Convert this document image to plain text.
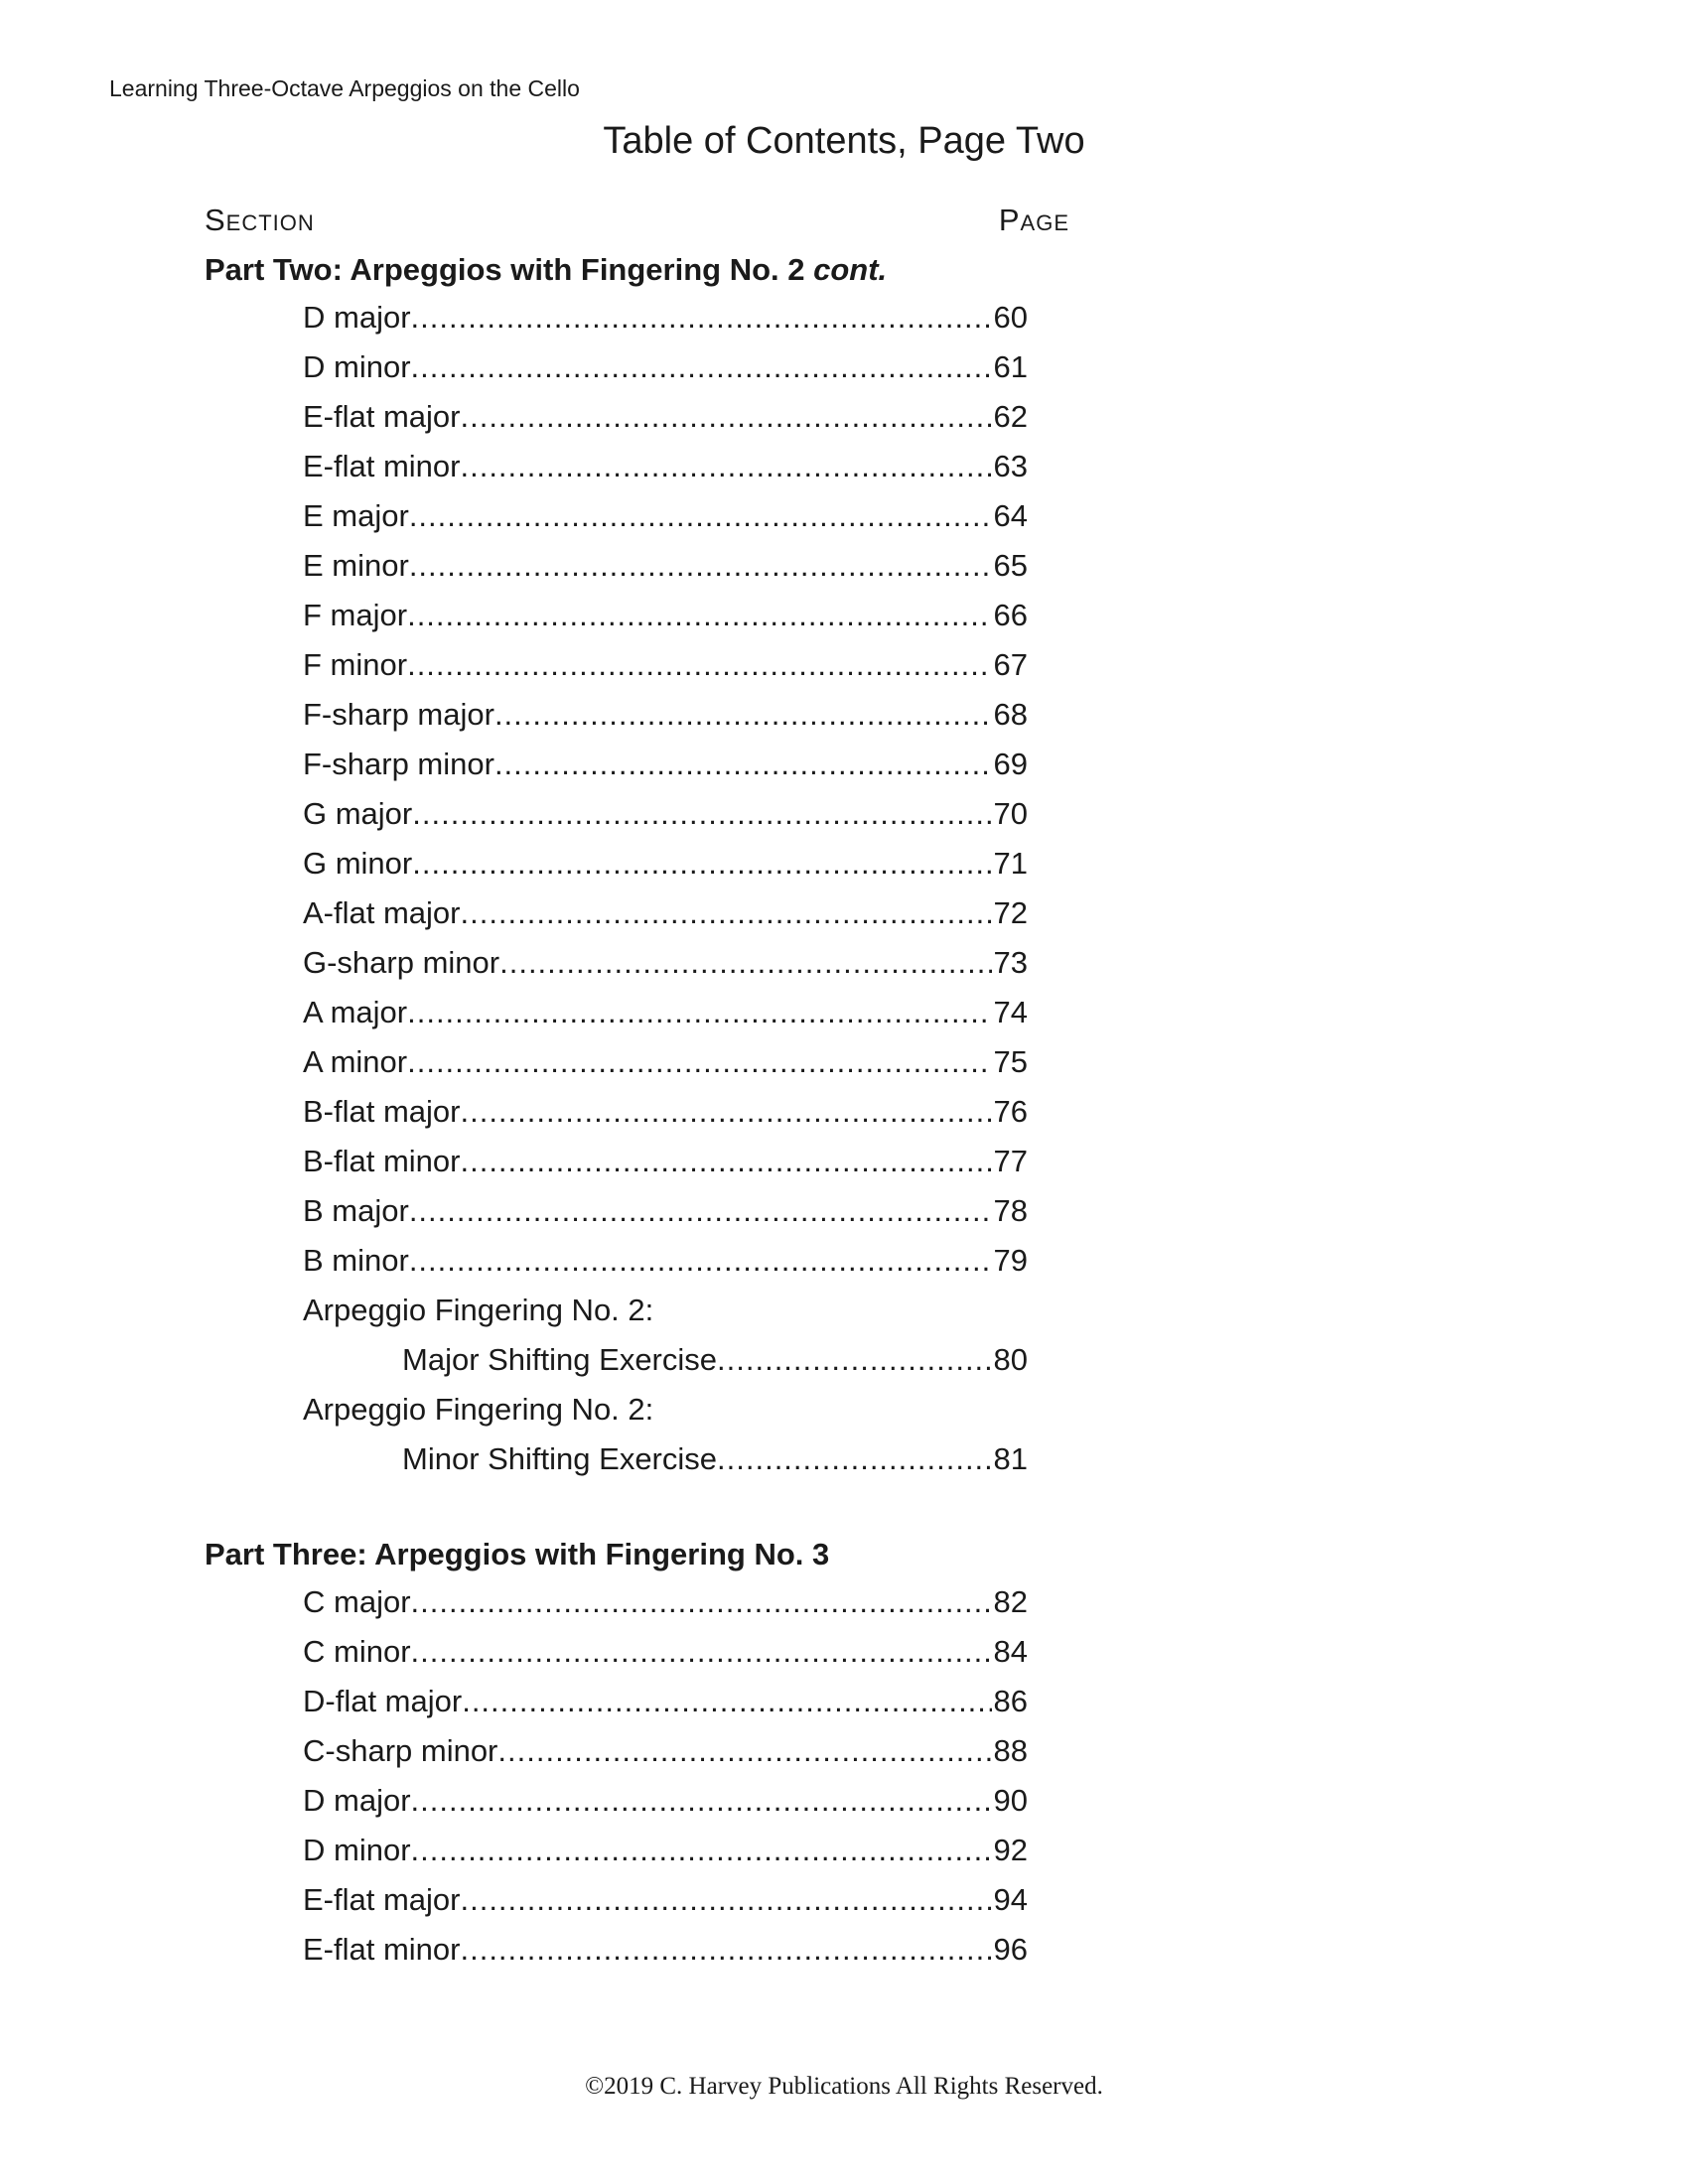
Learning Three-Octave Arpeggios on the Cello
Table of Contents, Page Two
Section	Page
Part Two: Arpeggios with Fingering No. 2 cont.
D major .....	60
D minor .....	61
E-flat major .....	62
E-flat minor .....	63
E major .....	64
E minor .....	65
F major .....	66
F minor .....	67
F-sharp major .....	68
F-sharp minor .....	69
G major .....	70
G minor .....	71
A-flat major .....	72
G-sharp minor .....	73
A major .....	74
A minor .....	75
B-flat major .....	76
B-flat minor .....	77
B major .....	78
B minor .....	79
Arpeggio Fingering No. 2:
Major Shifting Exercise .....	80
Arpeggio Fingering No. 2:
Minor Shifting Exercise .....	81
Part Three: Arpeggios with Fingering No. 3
C major .....	82
C minor .....	84
D-flat major .....	86
C-sharp minor .....	88
D major .....	90
D minor .....	92
E-flat major .....	94
E-flat minor .....	96
©2019 C. Harvey Publications All Rights Reserved.
